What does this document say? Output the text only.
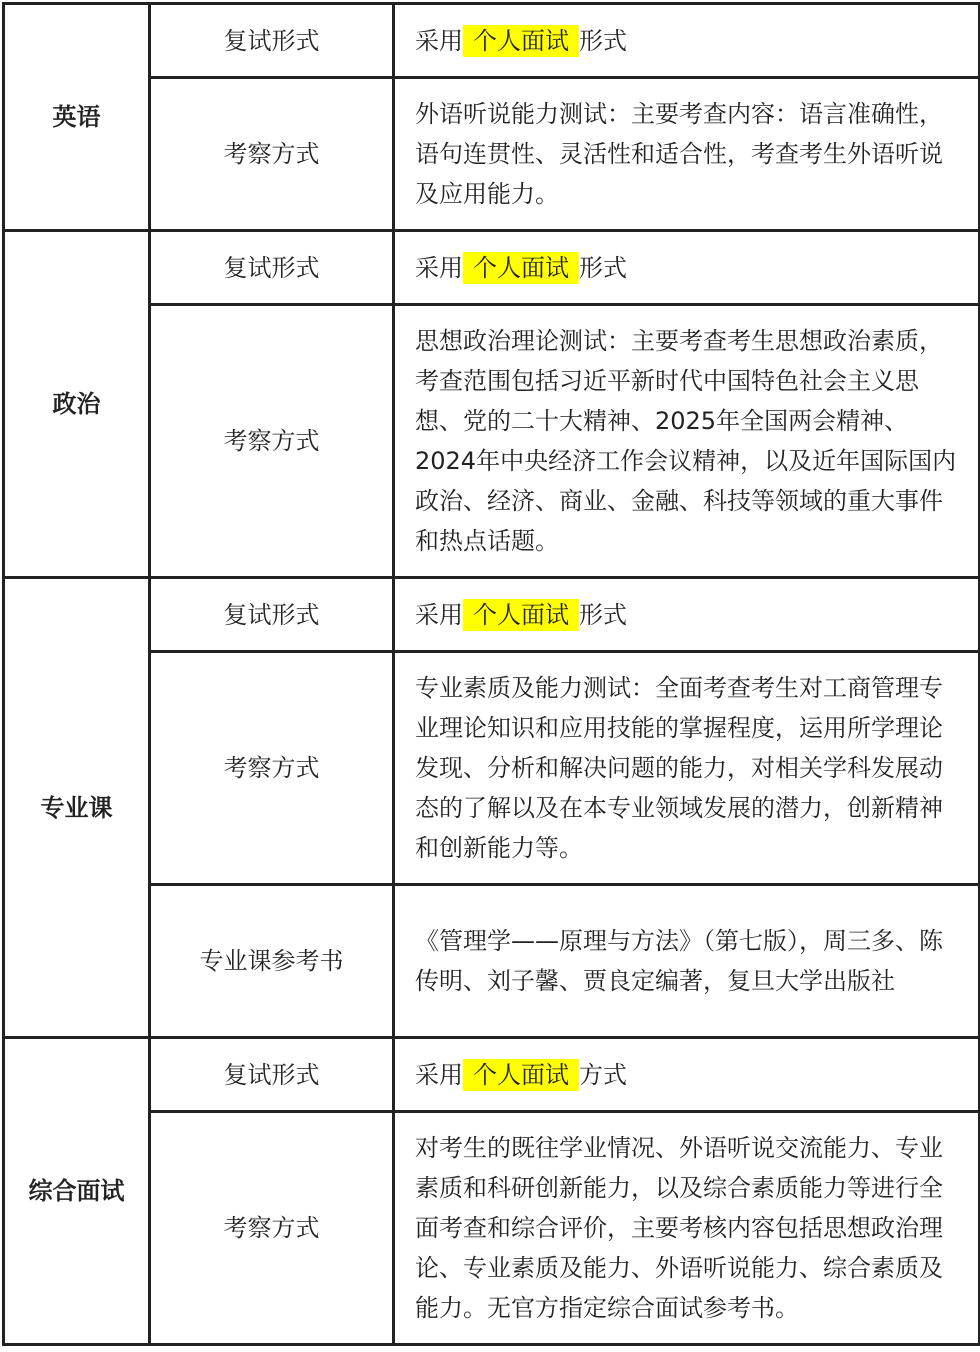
英语	复试形式	采用 个人面试 形式
	考察方式	外语听说能力测试：主要考查内容：语言准确性，语句连贯性、灵活性和适合性，考查考生外语听说及应用能力。
政治	复试形式	采用 个人面试 形式
	考察方式	思想政治理论测试：主要考查考生思想政治素质，考查范围包括习近平新时代中国特色社会主义思想、党的二十大精神、2025年全国两会精神、2024年中央经济工作会议精神，以及近年国际国内政治、经济、商业、金融、科技等领域的重大事件和热点话题。
专业课	复试形式	采用 个人面试 形式
	考察方式	专业素质及能力测试：全面考查考生对工商管理专业理论知识和应用技能的掌握程度，运用所学理论发现、分析和解决问题的能力，对相关学科发展动态的了解以及在本专业领域发展的潜力，创新精神和创新能力等。
	专业课参考书	《管理学——原理与方法》（第七版），周三多、陈传明、刘子馨、贾良定编著，复旦大学出版社
综合面试	复试形式	采用 个人面试 方式
	考察方式	对考生的既往学业情况、外语听说交流能力、专业素质和科研创新能力，以及综合素质能力等进行全面考查和综合评价，主要考核内容包括思想政治理论、专业素质及能力、外语听说能力、综合素质及能力。无官方指定综合面试参考书。
